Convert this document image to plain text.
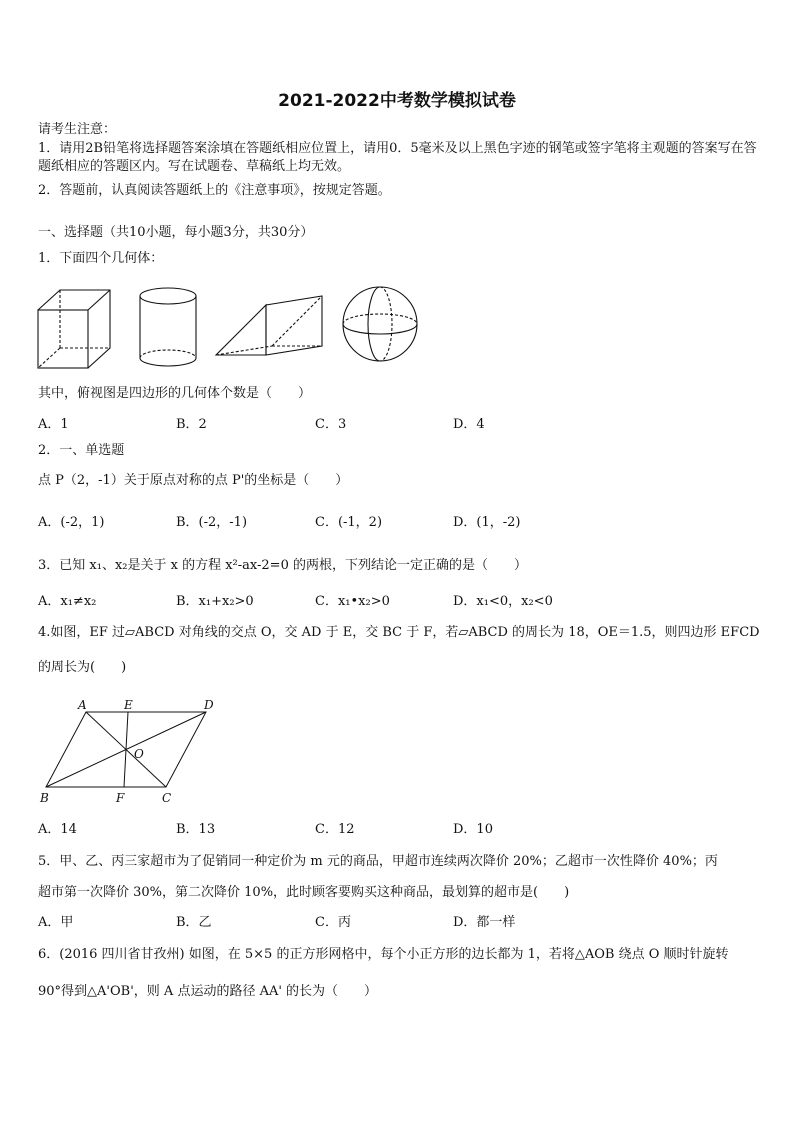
2021-2022中考数学模拟试卷
请考生注意：
1．请用2B铅笔将选择题答案涂填在答题纸相应位置上，请用0．5毫米及以上黑色字迹的钢笔或签字笔将主观题的答案写在答题纸相应的答题区内。写在试题卷、草稿纸上均无效。
2．答题前，认真阅读答题纸上的《注意事项》，按规定答题。
一、选择题（共10小题，每小题3分，共30分）
1．下面四个几何体：
其中，俯视图是四边形的几何体个数是（　　）
A．1	B．2	C．3	D．4
2．一、单选题
点 P（2，-1）关于原点对称的点 P'的坐标是（　　）
A．(-2，1)	B．(-2，-1)	C．(-1，2)	D．(1，-2)
3．已知 x₁、x₂是关于 x 的方程 x²-ax-2=0 的两根，下列结论一定正确的是（　　）
A．x₁≠x₂	B．x₁+x₂>0	C．x₁•x₂>0	D．x₁<0，x₂<0
4.如图，EF 过▱ABCD 对角线的交点 O，交 AD 于 E，交 BC 于 F，若▱ABCD 的周长为 18，OE＝1.5，则四边形 EFCD
的周长为(　　)
A	E	D
O
B	F	C
A．14	B．13	C．12	D．10
5．甲、乙、丙三家超市为了促销同一种定价为 m 元的商品，甲超市连续两次降价 20%；乙超市一次性降价 40%；丙
超市第一次降价 30%，第二次降价 10%，此时顾客要购买这种商品，最划算的超市是(　　)
A．甲	B．乙	C．丙	D．都一样
6．(2016 四川省甘孜州) 如图，在 5×5 的正方形网格中，每个小正方形的边长都为 1，若将△AOB 绕点 O 顺时针旋转
90°得到△A'OB'，则 A 点运动的路径 AA' 的长为（　　）
